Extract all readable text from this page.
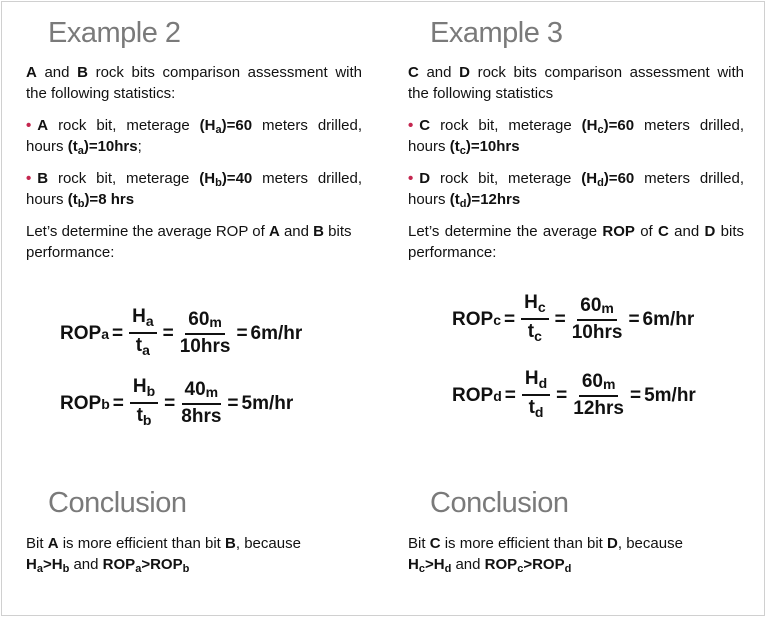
Example 2

A and B rock bits comparison assessment with the following statistics:

• A rock bit, meterage $(H_a)=60$ meters drilled, hours $(t_a)=10hrs$;

• B rock bit, meterage $(H_b)=40$ meters drilled, hours $(t_b)=8$ hrs

Let’s determine the average ROP of A and B bits performance:

ROP $a = \frac{H_a}{t_a} = \frac{60m}{\text{10hrs}} = 6m/hr$
ROP $b = \frac{H_b}{t_b} = \frac{40m}{\text{8hrs}} = 5m/hr$
Conclusion

Bit A is more efficient than bit B, because
$H_a>H_b$ and $ROP_a>ROP_b$

Example 3

C and D rock bits comparison assessment with the following statistics

• C rock bit, meterage $(H_c)=60$ meters drilled, hours $(t_c)=10hrs$

• D rock bit, meterage $(H_d)=60$ meters drilled, hours $(t_d)=12hrs$

Let’s determine the average ROP of C and D bits performance:

ROP $c = \frac{H_c}{t_c} = \frac{60m}{\text{10hrs}} = 6m/hr$
ROP $d = \frac{H_d}{t_d} = \frac{60m}{\text{12hrs}} = 5m/hr$
Conclusion

Bit C is more efficient than bit D, because
$H_c>H_d$ and $ROP_c>ROP_d$
